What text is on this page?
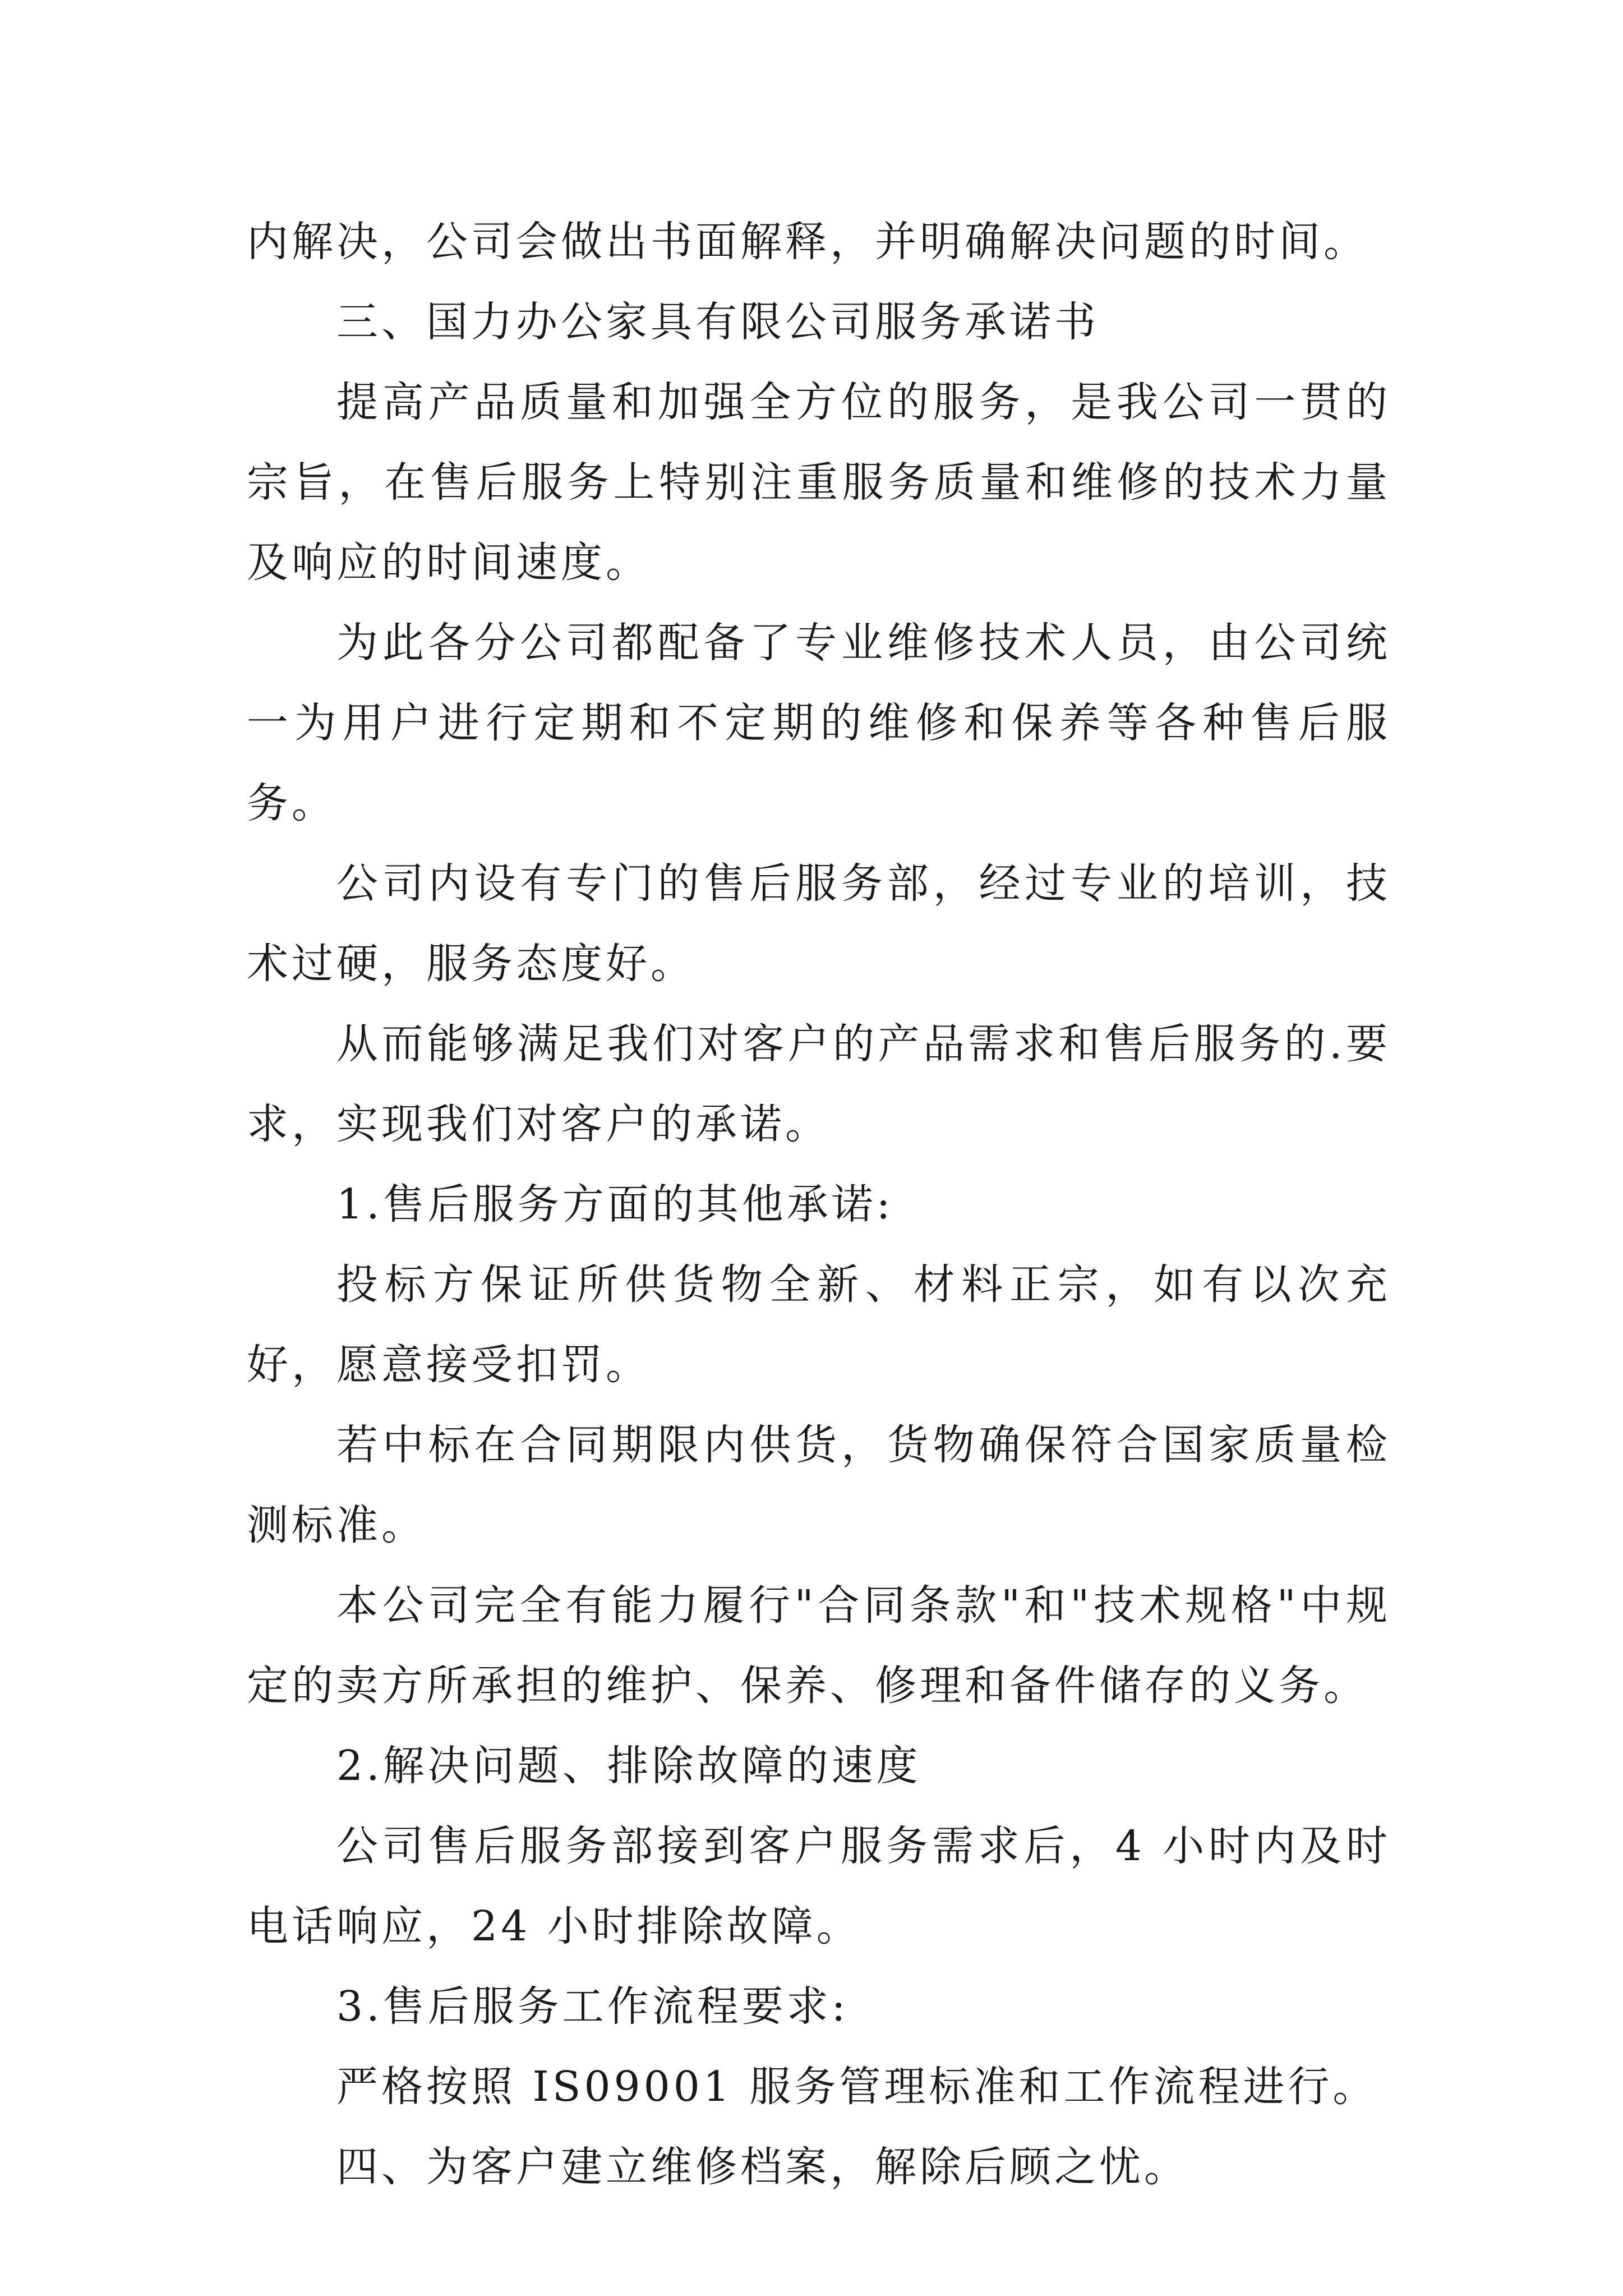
内解决，公司会做出书面解释，并明确解决问题的时间。

三、国力办公家具有限公司服务承诺书

提高产品质量和加强全方位的服务，是我公司一贯的宗旨，在售后服务上特别注重服务质量和维修的技术力量及响应的时间速度。

为此各分公司都配备了专业维修技术人员，由公司统一为用户进行定期和不定期的维修和保养等各种售后服务。

公司内设有专门的售后服务部，经过专业的培训，技术过硬，服务态度好。

从而能够满足我们对客户的产品需求和售后服务的.要求，实现我们对客户的承诺。

1.售后服务方面的其他承诺:

投标方保证所供货物全新、材料正宗，如有以次充好，愿意接受扣罚。

若中标在合同期限内供货，货物确保符合国家质量检测标准。

本公司完全有能力履行"合同条款"和"技术规格"中规定的卖方所承担的维护、保养、修理和备件储存的义务。

2.解决问题、排除故障的速度

公司售后服务部接到客户服务需求后，4 小时内及时电话响应，24 小时排除故障。

3.售后服务工作流程要求:

严格按照 IS09001 服务管理标准和工作流程进行。

四、为客户建立维修档案，解除后顾之忧。
